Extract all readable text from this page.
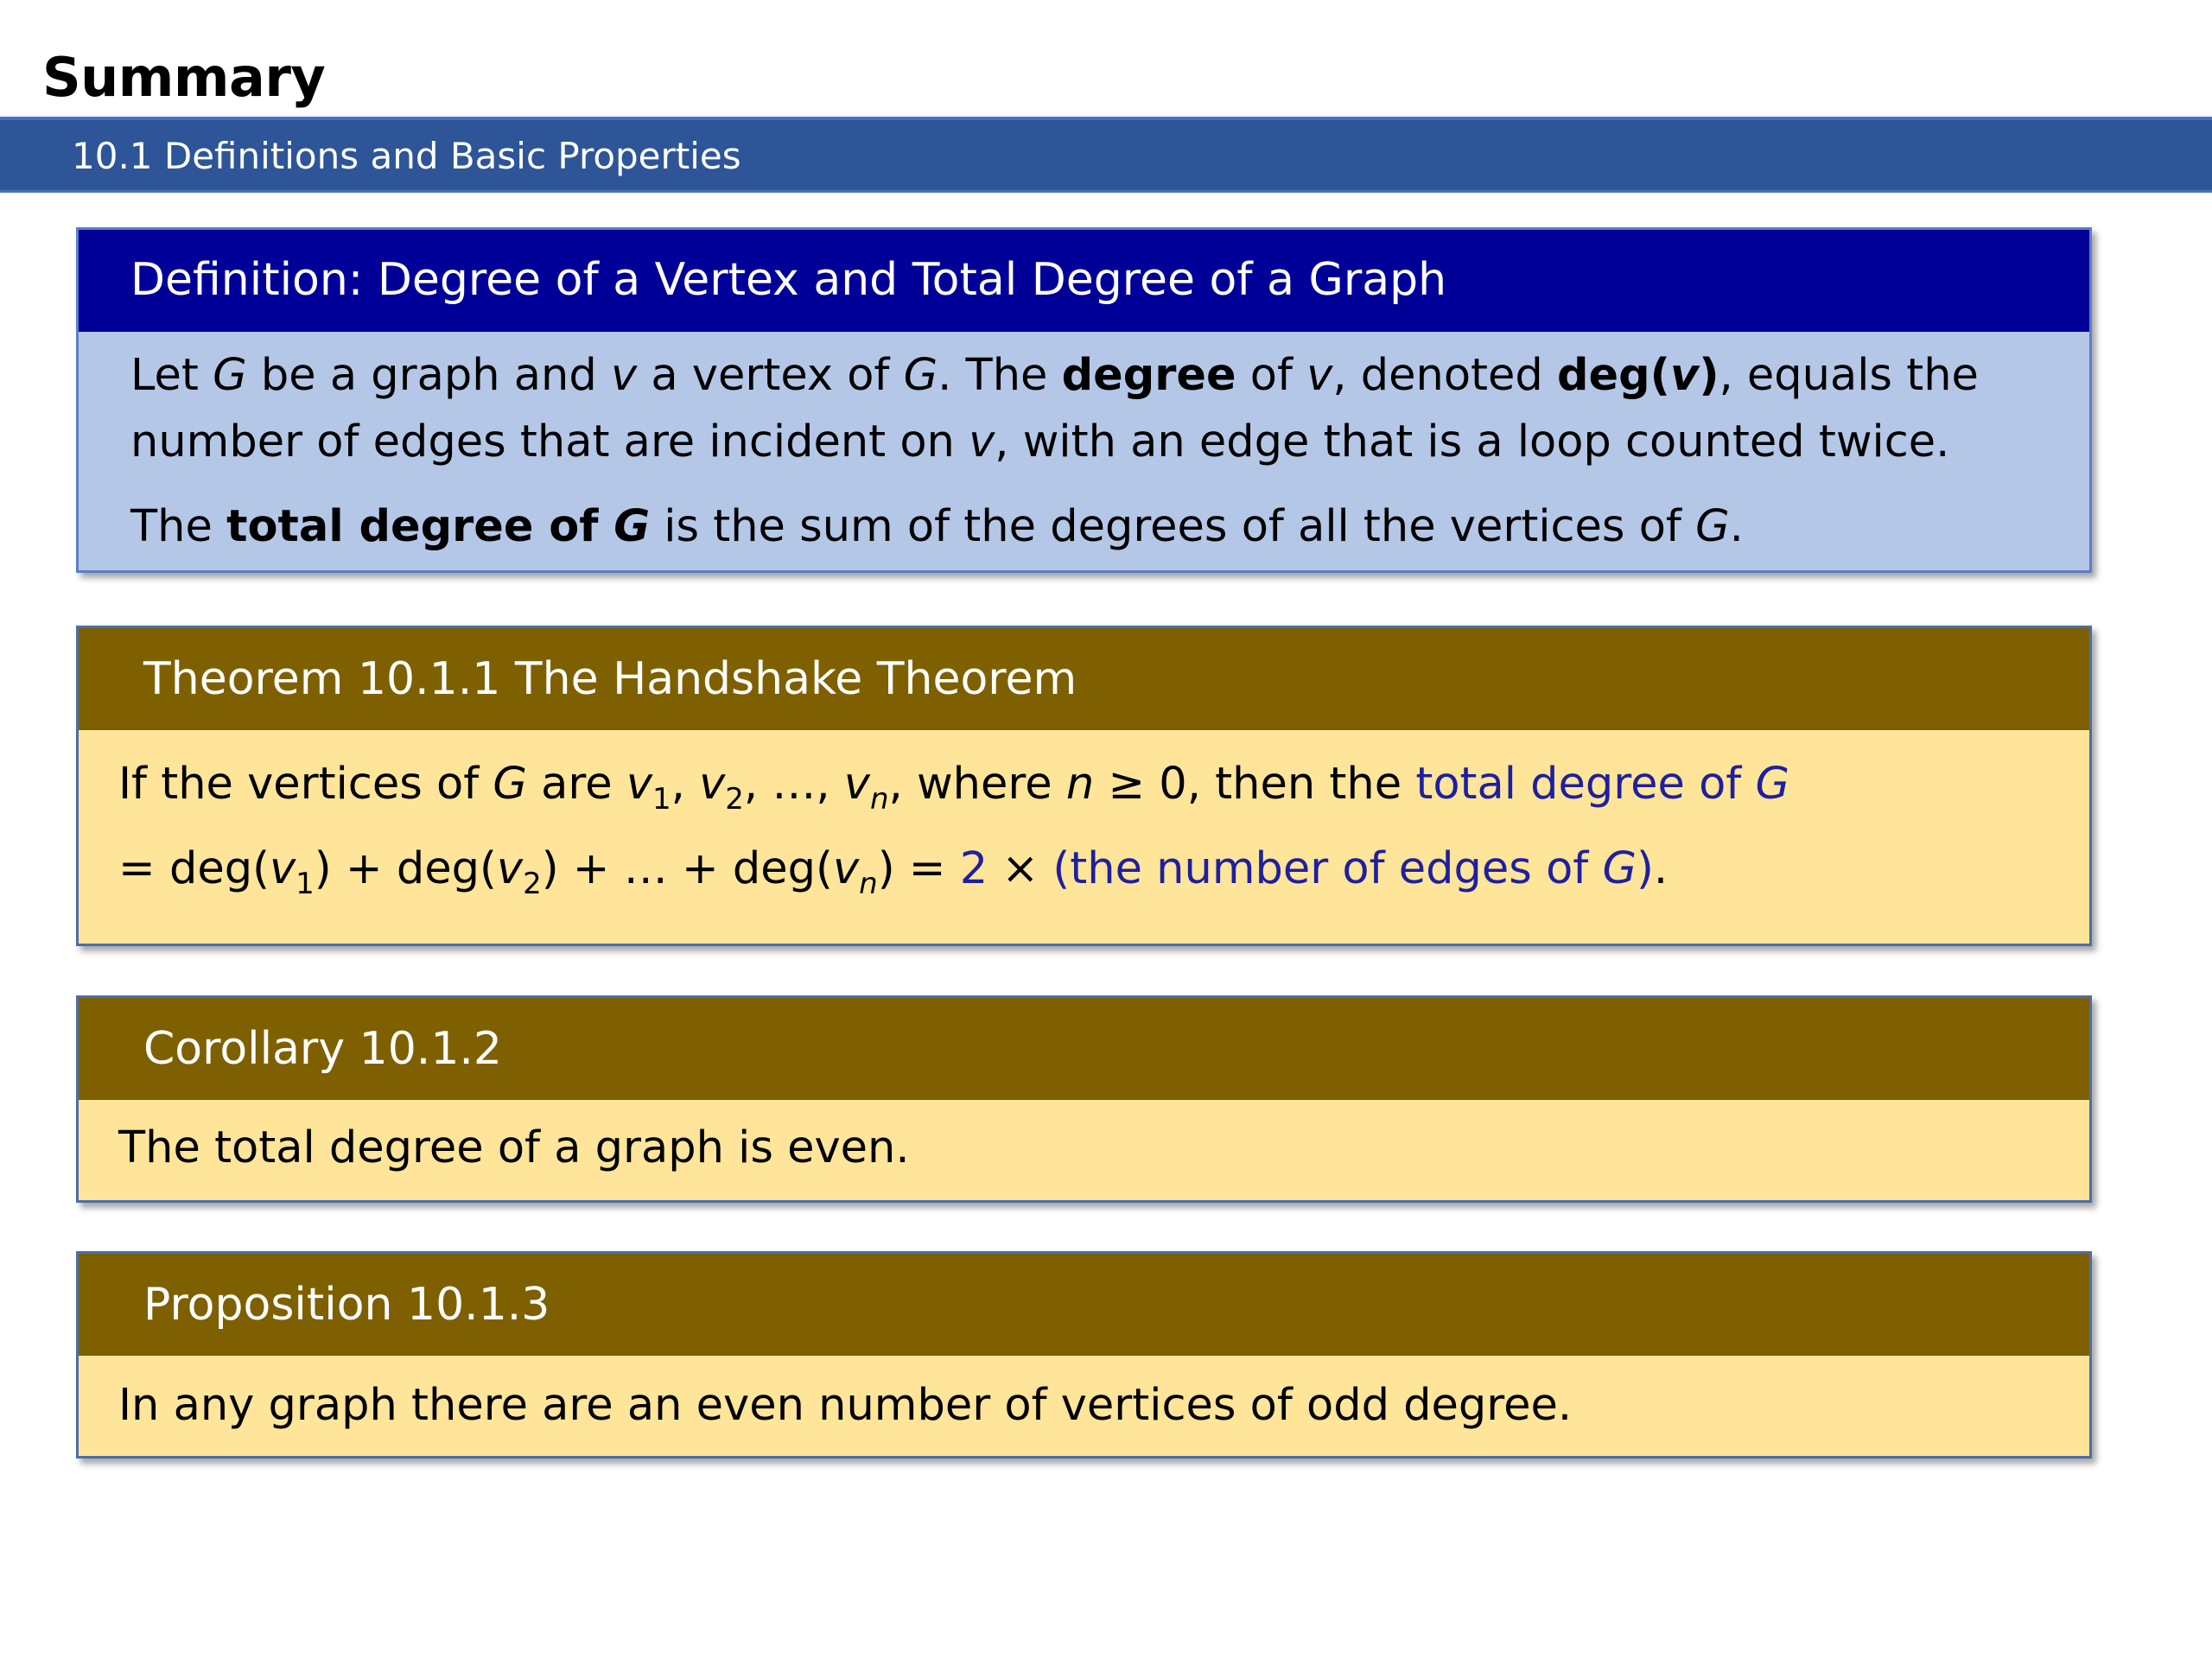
Summary
10.1 Definitions and Basic Properties
Definition: Degree of a Vertex and Total Degree of a Graph

Let G be a graph and v a vertex of G. The degree of v, denoted deg(v), equals the
number of edges that are incident on v, with an edge that is a loop counted twice.

The total degree of G is the sum of the degrees of all the vertices of G.

Theorem 10.1.1 The Handshake Theorem
If the vertices of G are $v_1$, $v_2$, …, $v_n$, where n ≥ 0, then the total degree of G
= $deg(v_1) + deg(v_2)$ + … + $deg(v_n) = 2 \times (the$ number of edges of G).
Corollary 10.1.2
The total degree of a graph is even.
Proposition 10.1.3
In any graph there are an even number of vertices of odd degree.
